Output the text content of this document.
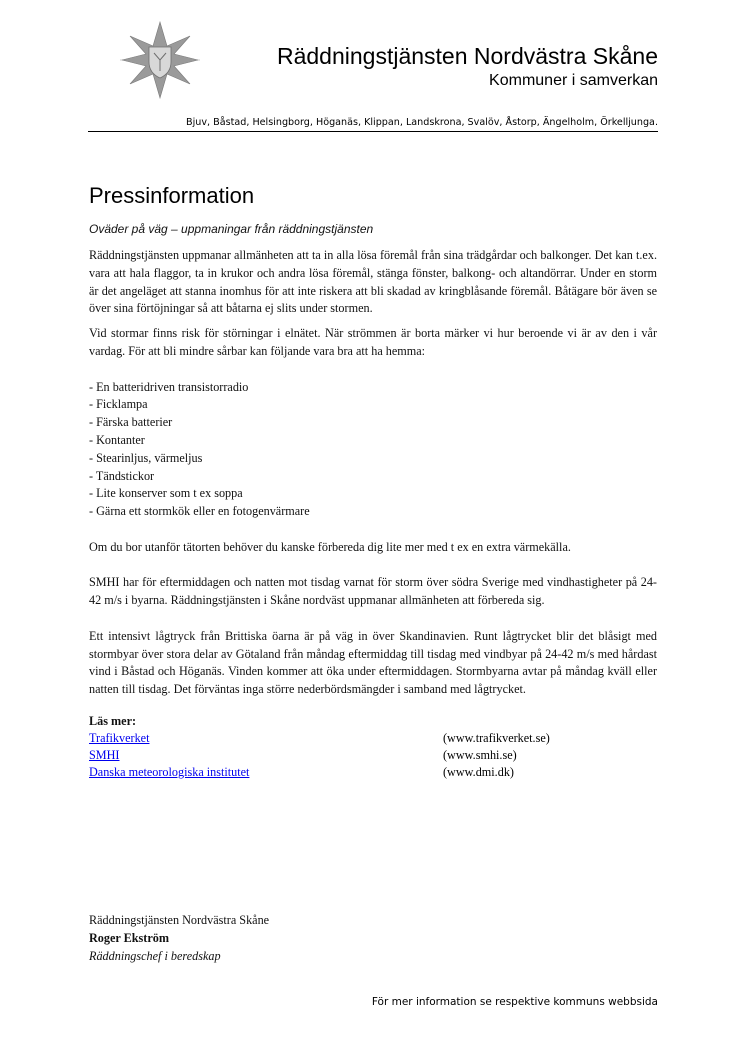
Räddningstjänsten Nordvästra Skåne
Kommuner i samverkan
Bjuv, Båstad, Helsingborg, Höganäs, Klippan, Landskrona, Svalöv, Åstorp, Ängelholm, Örkelljunga.
Pressinformation
Oväder på väg – uppmaningar från räddningstjänsten

Räddningstjänsten uppmanar allmänheten att ta in alla lösa föremål från sina trädgårdar och balkonger. Det kan t.ex. vara att hala flaggor, ta in krukor och andra lösa föremål, stänga fönster, balkong- och altandörrar. Under en storm är det angeläget att stanna inomhus för att inte riskera att bli skadad av kringblåsande föremål. Båtägare bör även se över sina förtöjningar så att båtarna ej slits under stormen.

Vid stormar finns risk för störningar i elnätet. När strömmen är borta märker vi hur beroende vi är av den i vår vardag. För att bli mindre sårbar kan följande vara bra att ha hemma:

- En batteridriven transistorradio
- Ficklampa
- Färska batterier
- Kontanter
- Stearinljus, värmeljus
- Tändstickor
- Lite konserver som t ex soppa
- Gärna ett stormkök eller en fotogenvärmare

Om du bor utanför tätorten behöver du kanske förbereda dig lite mer med t ex en extra värmekälla.

SMHI har för eftermiddagen och natten mot tisdag varnat för storm över södra Sverige med vindhastigheter på 24-42 m/s i byarna. Räddningstjänsten i Skåne nordväst uppmanar allmänheten att förbereda sig.

Ett intensivt lågtryck från Brittiska öarna är på väg in över Skandinavien. Runt lågtrycket blir det blåsigt med stormbyar över stora delar av Götaland från måndag eftermiddag till tisdag med vindbyar på 24-42 m/s med hårdast vind i Båstad och Höganäs. Vinden kommer att öka under eftermiddagen. Stormbyarna avtar på måndag kväll eller natten till tisdag. Det förväntas inga större nederbördsmängder i samband med lågtrycket.

Läs mer:
Trafikverket	(www.trafikverket.se)
SMHI	(www.smhi.se)
Danska meteorologiska institutet	(www.dmi.dk)
Räddningstjänsten Nordvästra Skåne
Roger Ekström
Räddningschef i beredskap
För mer information se respektive kommuns webbsida
